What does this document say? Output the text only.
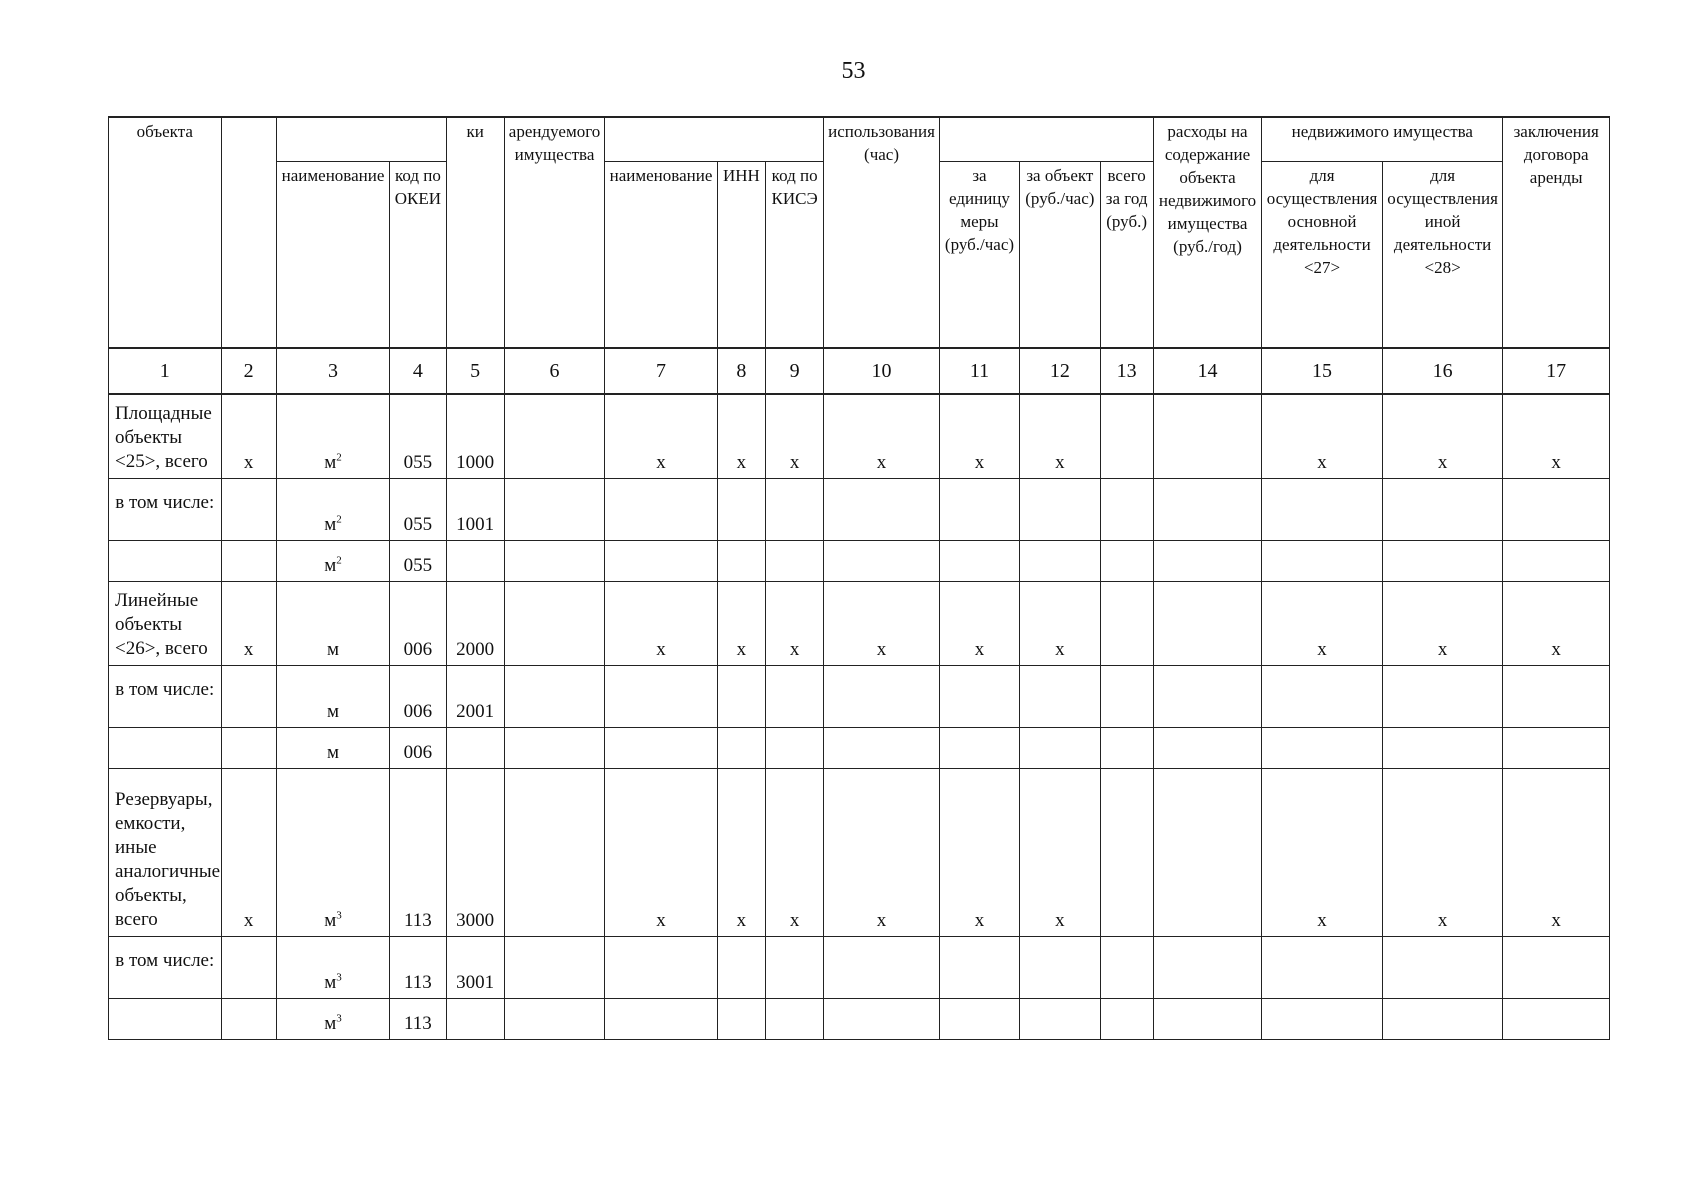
53
объекта				ки	арендуемого имущества				использования (час)				расходы на содержание объекта недвижимого имущества (руб./год)	недвижимого имущества		заключения договора аренды
		наименование	код по ОКЕИ			наименование	ИНН	код по КИСЭ		за единицу меры (руб./час)	за объект (руб./час)	всего за год (руб.)		для осуществления основной деятельности <27>	для осуществления иной деятельности <28>	
1	2	3	4	5	6	7	8	9	10	11	12	13	14	15	16	17
Площадные объекты <25>, всего	х	$м^2$	055	1000		х	х	х	х	х	х			х	х	х
в том числе:		$м^2$	055	1001												
		$м^2$	055													
Линейные объекты <26>, всего	х	м	006	2000		х	х	х	х	х	х			х	х	х
в том числе:		м	006	2001												
		м	006													
Резервуары, емкости, иные аналогичные объекты, всего	х	$м^3$	113	3000		х	х	х	х	х	х			х	х	х
в том числе:		$м^3$	113	3001												
		$м^3$	113													
